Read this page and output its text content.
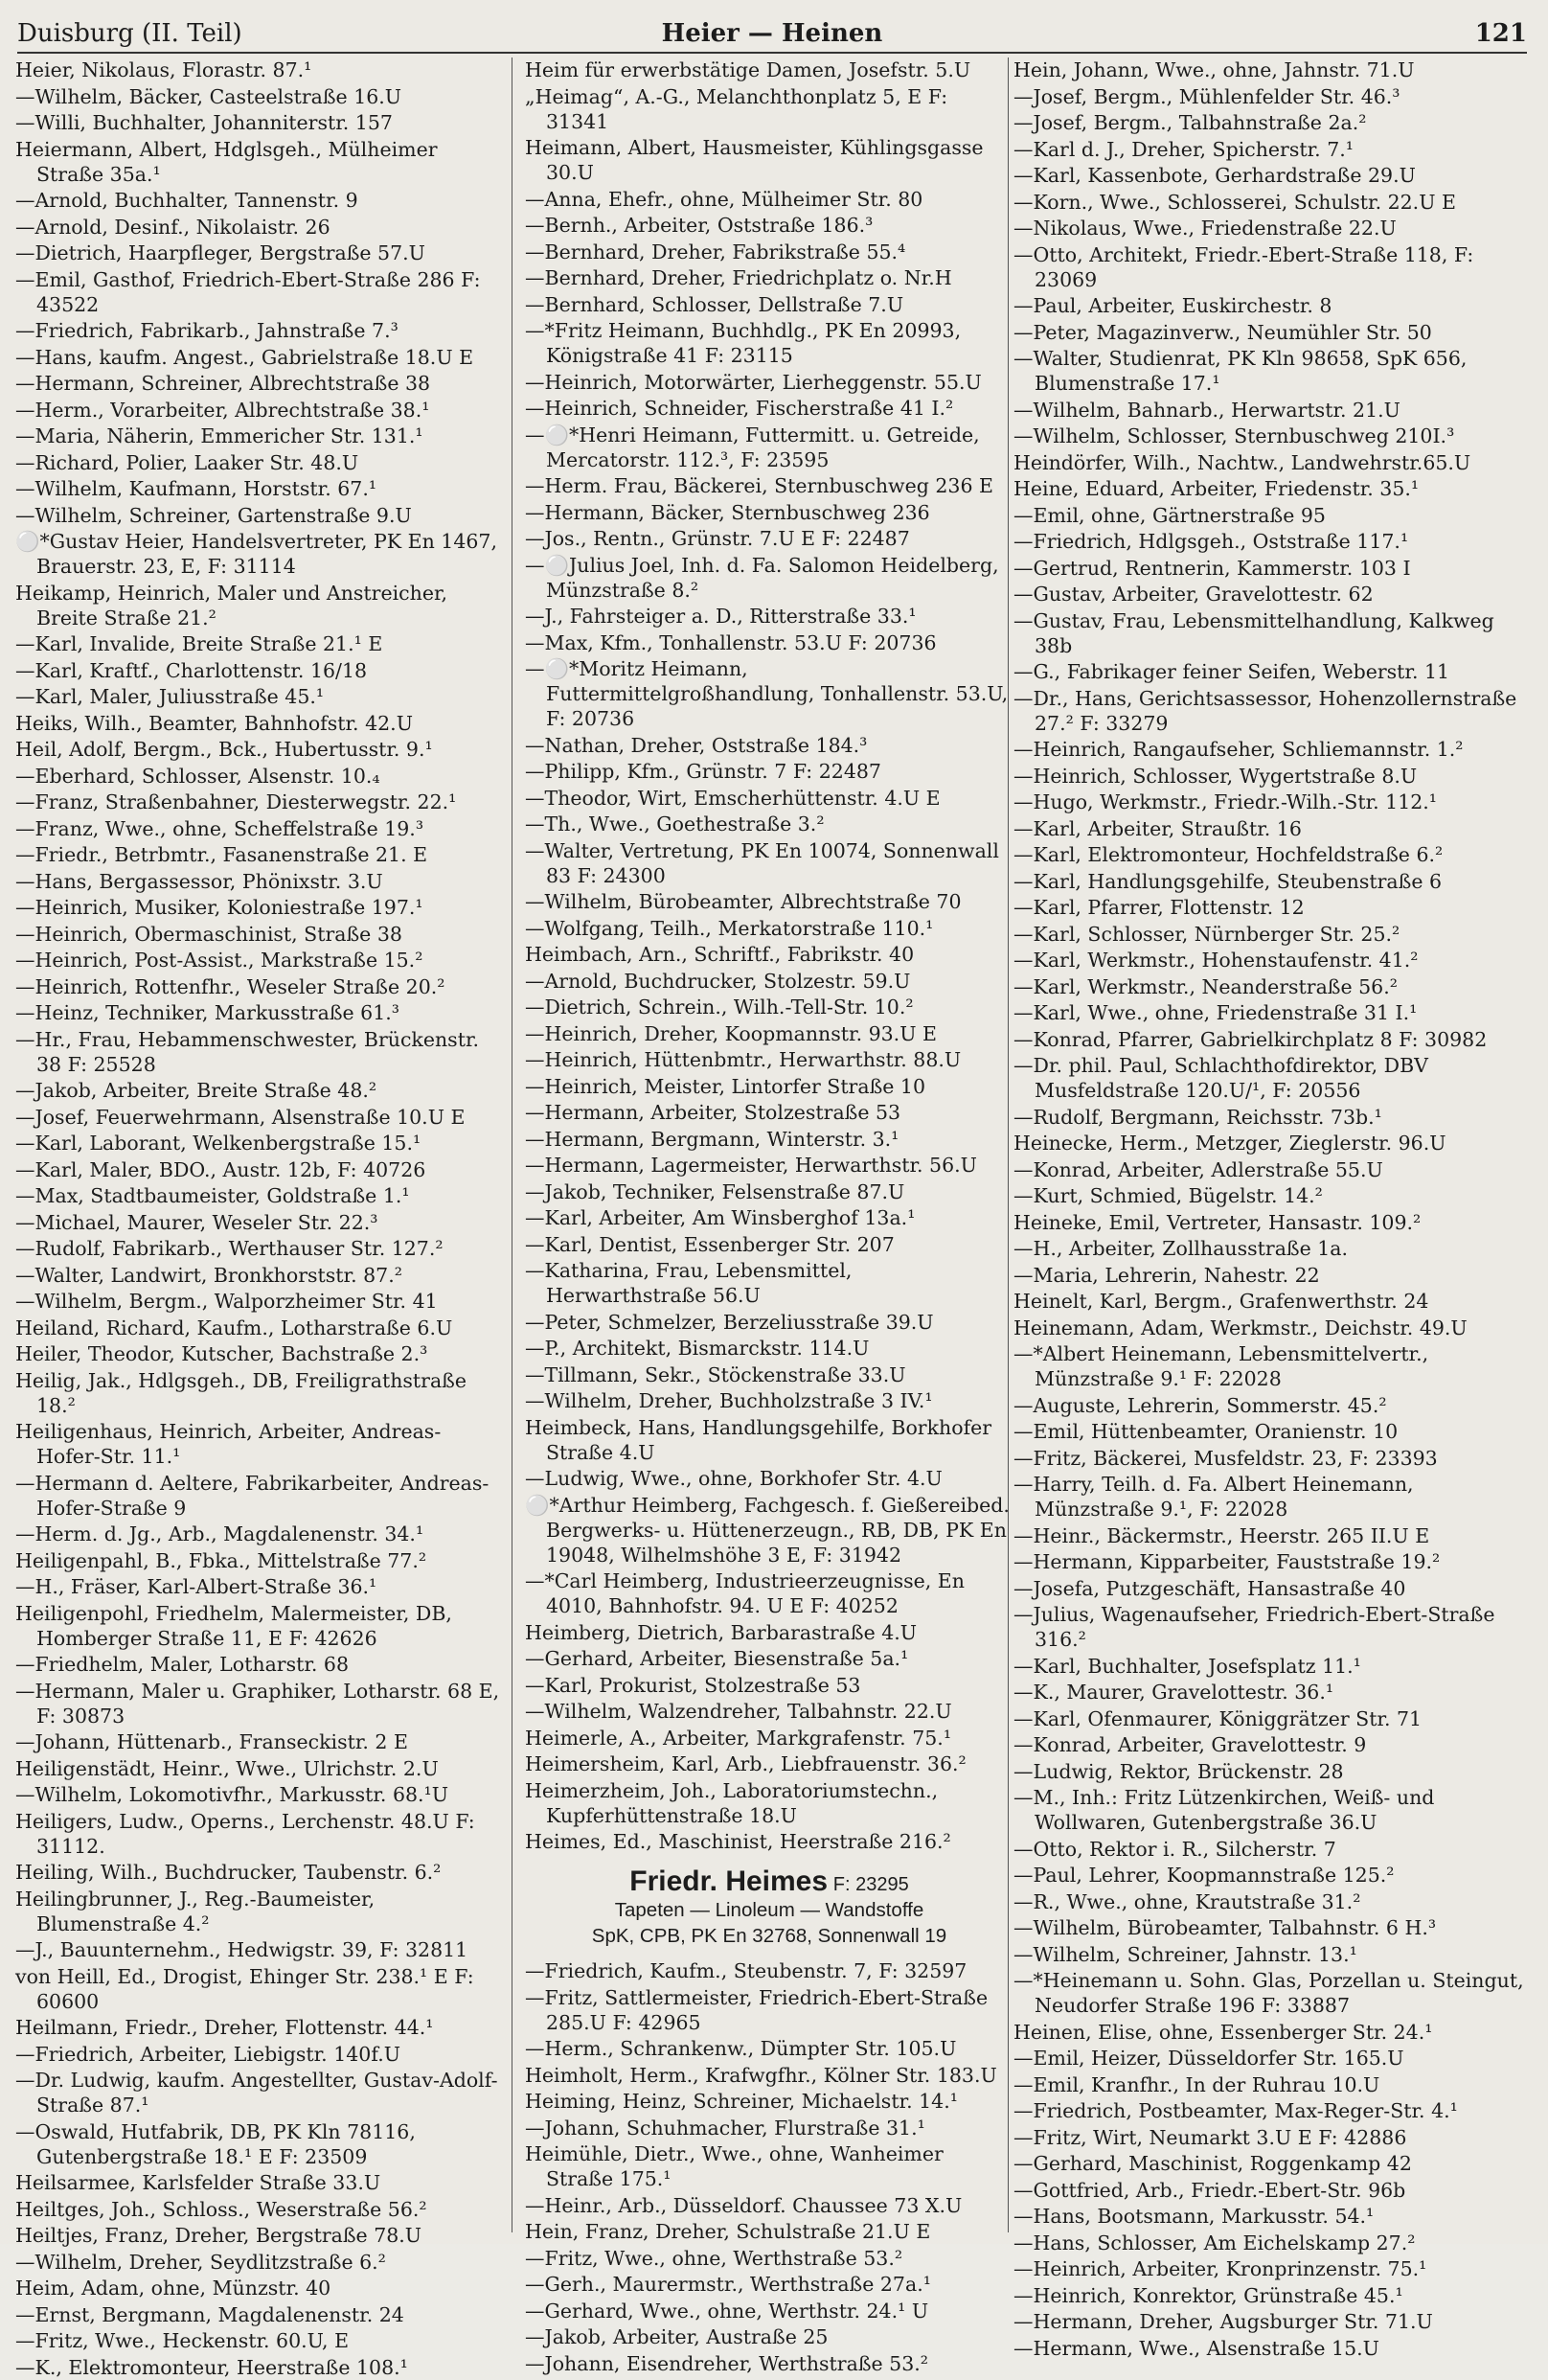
Duisburg (II. Teil)	Heier — Heinen	121
Heier, Nikolaus, Florastr. 87.¹
—Wilhelm, Bäcker, Casteelstraße 16.U
—Willi, Buchhalter, Johanniterstr. 157
Heiermann, Albert, Hdglsgeh., Mülheimer Straße 35a.¹
—Arnold, Buchhalter, Tannenstr. 9
—Arnold, Desinf., Nikolaistr. 26
—Dietrich, Haarpfleger, Bergstraße 57.U
—Emil, Gasthof, Friedrich-Ebert-Straße 286 F: 43522
—Friedrich, Fabrikarb., Jahnstraße 7.³
—Hans, kaufm. Angest., Gabrielstraße 18.U E
—Hermann, Schreiner, Albrechtstraße 38
—Herm., Vorarbeiter, Albrechtstraße 38.¹
—Maria, Näherin, Emmericher Str. 131.¹
—Richard, Polier, Laaker Str. 48.U
—Wilhelm, Kaufmann, Horststr. 67.¹
—Wilhelm, Schreiner, Gartenstraße 9.U
⚪*Gustav Heier, Handelsvertreter, PK En 1467, Brauerstr. 23, E, F: 31114
Heikamp, Heinrich, Maler und Anstreicher, Breite Straße 21.²
—Karl, Invalide, Breite Straße 21.¹ E
—Karl, Kraftf., Charlottenstr. 16/18
—Karl, Maler, Juliusstraße 45.¹
Heiks, Wilh., Beamter, Bahnhofstr. 42.U
Heil, Adolf, Bergm., Bck., Hubertusstr. 9.¹
—Eberhard, Schlosser, Alsenstr. 10.₄
—Franz, Straßenbahner, Diesterwegstr. 22.¹
—Franz, Wwe., ohne, Scheffelstraße 19.³
—Friedr., Betrbmtr., Fasanenstraße 21. E
—Hans, Bergassessor, Phönixstr. 3.U
—Heinrich, Musiker, Koloniestraße 197.¹
—Heinrich, Obermaschinist, Straße 38
—Heinrich, Post-Assist., Markstraße 15.²
—Heinrich, Rottenfhr., Weseler Straße 20.²
—Heinz, Techniker, Markusstraße 61.³
—Hr., Frau, Hebammenschwester, Brückenstr. 38 F: 25528
—Jakob, Arbeiter, Breite Straße 48.²
—Josef, Feuerwehrmann, Alsenstraße 10.U E
—Karl, Laborant, Welkenbergstraße 15.¹
—Karl, Maler, BDO., Austr. 12b, F: 40726
—Max, Stadtbaumeister, Goldstraße 1.¹
—Michael, Maurer, Weseler Str. 22.³
—Rudolf, Fabrikarb., Werthauser Str. 127.²
—Walter, Landwirt, Bronkhorststr. 87.²
—Wilhelm, Bergm., Walporzheimer Str. 41
Heiland, Richard, Kaufm., Lotharstraße 6.U
Heiler, Theodor, Kutscher, Bachstraße 2.³
Heilig, Jak., Hdlgsgeh., DB, Freiligrathstraße 18.²
Heiligenhaus, Heinrich, Arbeiter, Andreas-Hofer-Str. 11.¹
—Hermann d. Aeltere, Fabrikarbeiter, Andreas-Hofer-Straße 9
—Herm. d. Jg., Arb., Magdalenenstr. 34.¹
Heiligenpahl, B., Fbka., Mittelstraße 77.²
—H., Fräser, Karl-Albert-Straße 36.¹
Heiligenpohl, Friedhelm, Malermeister, DB, Homberger Straße 11, E F: 42626
—Friedhelm, Maler, Lotharstr. 68
—Hermann, Maler u. Graphiker, Lotharstr. 68 E, F: 30873
—Johann, Hüttenarb., Franseckistr. 2 E
Heiligenstädt, Heinr., Wwe., Ulrichstr. 2.U
—Wilhelm, Lokomotivfhr., Markusstr. 68.¹U
Heiligers, Ludw., Operns., Lerchenstr. 48.U F: 31112.
Heiling, Wilh., Buchdrucker, Taubenstr. 6.²
Heilingbrunner, J., Reg.-Baumeister, Blumenstraße 4.²
—J., Bauunternehm., Hedwigstr. 39, F: 32811
von Heill, Ed., Drogist, Ehinger Str. 238.¹ E F: 60600
Heilmann, Friedr., Dreher, Flottenstr. 44.¹
—Friedrich, Arbeiter, Liebigstr. 140f.U
—Dr. Ludwig, kaufm. Angestellter, Gustav-Adolf-Straße 87.¹
—Oswald, Hutfabrik, DB, PK Kln 78116, Gutenbergstraße 18.¹ E F: 23509
Heilsarmee, Karlsfelder Straße 33.U
Heiltges, Joh., Schloss., Weserstraße 56.²
Heiltjes, Franz, Dreher, Bergstraße 78.U
—Wilhelm, Dreher, Seydlitzstraße 6.²
Heim, Adam, ohne, Münzstr. 40
—Ernst, Bergmann, Magdalenenstr. 24
—Fritz, Wwe., Heckenstr. 60.U, E
—K., Elektromonteur, Heerstraße 108.¹
Heim für erwerbstätige Damen, Josefstr. 5.U
„Heimag“, A.-G., Melanchthonplatz 5, E F: 31341
Heimann, Albert, Hausmeister, Kühlingsgasse 30.U
—Anna, Ehefr., ohne, Mülheimer Str. 80
—Bernh., Arbeiter, Oststraße 186.³
—Bernhard, Dreher, Fabrikstraße 55.⁴
—Bernhard, Dreher, Friedrichplatz o. Nr.H
—Bernhard, Schlosser, Dellstraße 7.U
—*Fritz Heimann, Buchhdlg., PK En 20993, Königstraße 41 F: 23115
—Heinrich, Motorwärter, Lierheggenstr. 55.U
—Heinrich, Schneider, Fischerstraße 41 I.²
—⚪*Henri Heimann, Futtermitt. u. Getreide, Mercatorstr. 112.³, F: 23595
—Herm. Frau, Bäckerei, Sternbuschweg 236 E
—Hermann, Bäcker, Sternbuschweg 236
—Jos., Rentn., Grünstr. 7.U E F: 22487
—⚪Julius Joel, Inh. d. Fa. Salomon Heidelberg, Münzstraße 8.²
—J., Fahrsteiger a. D., Ritterstraße 33.¹
—Max, Kfm., Tonhallenstr. 53.U F: 20736
—⚪*Moritz Heimann, Futtermittelgroßhandlung, Tonhallenstr. 53.U, F: 20736
—Nathan, Dreher, Oststraße 184.³
—Philipp, Kfm., Grünstr. 7 F: 22487
—Theodor, Wirt, Emscherhüttenstr. 4.U E
—Th., Wwe., Goethestraße 3.²
—Walter, Vertretung, PK En 10074, Sonnenwall 83 F: 24300
—Wilhelm, Bürobeamter, Albrechtstraße 70
—Wolfgang, Teilh., Merkatorstraße 110.¹
Heimbach, Arn., Schriftf., Fabrikstr. 40
—Arnold, Buchdrucker, Stolzestr. 59.U
—Dietrich, Schrein., Wilh.-Tell-Str. 10.²
—Heinrich, Dreher, Koopmannstr. 93.U E
—Heinrich, Hüttenbmtr., Herwarthstr. 88.U
—Heinrich, Meister, Lintorfer Straße 10
—Hermann, Arbeiter, Stolzestraße 53
—Hermann, Bergmann, Winterstr. 3.¹
—Hermann, Lagermeister, Herwarthstr. 56.U
—Jakob, Techniker, Felsenstraße 87.U
—Karl, Arbeiter, Am Winsberghof 13a.¹
—Karl, Dentist, Essenberger Str. 207
—Katharina, Frau, Lebensmittel, Herwarthstraße 56.U
—Peter, Schmelzer, Berzeliusstraße 39.U
—P., Architekt, Bismarckstr. 114.U
—Tillmann, Sekr., Stöckenstraße 33.U
—Wilhelm, Dreher, Buchholzstraße 3 IV.¹
Heimbeck, Hans, Handlungsgehilfe, Borkhofer Straße 4.U
—Ludwig, Wwe., ohne, Borkhofer Str. 4.U
⚪*Arthur Heimberg, Fachgesch. f. Gießereibed. Bergwerks- u. Hüttenerzeugn., RB, DB, PK En 19048, Wilhelmshöhe 3 E, F: 31942
—*Carl Heimberg, Industrieerzeugnisse, En 4010, Bahnhofstr. 94. U E F: 40252
Heimberg, Dietrich, Barbarastraße 4.U
—Gerhard, Arbeiter, Biesenstraße 5a.¹
—Karl, Prokurist, Stolzestraße 53
—Wilhelm, Walzendreher, Talbahnstr. 22.U
Heimerle, A., Arbeiter, Markgrafenstr. 75.¹
Heimersheim, Karl, Arb., Liebfrauenstr. 36.²
Heimerzheim, Joh., Laboratoriumstechn., Kupferhüttenstraße 18.U
Heimes, Ed., Maschinist, Heerstraße 216.²
Friedr. Heimes F: 23295
Tapeten — Linoleum — Wandstoffe
SpK, CPB, PK En 32768, Sonnenwall 19
—Friedrich, Kaufm., Steubenstr. 7, F: 32597
—Fritz, Sattlermeister, Friedrich-Ebert-Straße 285.U F: 42965
—Herm., Schrankenw., Dümpter Str. 105.U
Heimholt, Herm., Krafwgfhr., Kölner Str. 183.U
Heiming, Heinz, Schreiner, Michaelstr. 14.¹
—Johann, Schuhmacher, Flurstraße 31.¹
Heimühle, Dietr., Wwe., ohne, Wanheimer Straße 175.¹
—Heinr., Arb., Düsseldorf. Chaussee 73 X.U
Hein, Franz, Dreher, Schulstraße 21.U E
—Fritz, Wwe., ohne, Werthstraße 53.²
—Gerh., Maurermstr., Werthstraße 27a.¹
—Gerhard, Wwe., ohne, Werthstr. 24.¹ U
—Jakob, Arbeiter, Austraße 25
—Johann, Eisendreher, Werthstraße 53.²
Hein, Johann, Wwe., ohne, Jahnstr. 71.U
—Josef, Bergm., Mühlenfelder Str. 46.³
—Josef, Bergm., Talbahnstraße 2a.²
—Karl d. J., Dreher, Spicherstr. 7.¹
—Karl, Kassenbote, Gerhardstraße 29.U
—Korn., Wwe., Schlosserei, Schulstr. 22.U E
—Nikolaus, Wwe., Friedenstraße 22.U
—Otto, Architekt, Friedr.-Ebert-Straße 118, F: 23069
—Paul, Arbeiter, Euskirchestr. 8
—Peter, Magazinverw., Neumühler Str. 50
—Walter, Studienrat, PK Kln 98658, SpK 656, Blumenstraße 17.¹
—Wilhelm, Bahnarb., Herwartstr. 21.U
—Wilhelm, Schlosser, Sternbuschweg 210I.³
Heindörfer, Wilh., Nachtw., Landwehrstr.65.U
Heine, Eduard, Arbeiter, Friedenstr. 35.¹
—Emil, ohne, Gärtnerstraße 95
—Friedrich, Hdlgsgeh., Oststraße 117.¹
—Gertrud, Rentnerin, Kammerstr. 103 I
—Gustav, Arbeiter, Gravelottestr. 62
—Gustav, Frau, Lebensmittelhandlung, Kalkweg 38b
—G., Fabrikager feiner Seifen, Weberstr. 11
—Dr., Hans, Gerichtsassessor, Hohenzollernstraße 27.² F: 33279
—Heinrich, Rangaufseher, Schliemannstr. 1.²
—Heinrich, Schlosser, Wygertstraße 8.U
—Hugo, Werkmstr., Friedr.-Wilh.-Str. 112.¹
—Karl, Arbeiter, Straußtr. 16
—Karl, Elektromonteur, Hochfeldstraße 6.²
—Karl, Handlungsgehilfe, Steubenstraße 6
—Karl, Pfarrer, Flottenstr. 12
—Karl, Schlosser, Nürnberger Str. 25.²
—Karl, Werkmstr., Hohenstaufenstr. 41.²
—Karl, Werkmstr., Neanderstraße 56.²
—Karl, Wwe., ohne, Friedenstraße 31 I.¹
—Konrad, Pfarrer, Gabrielkirchplatz 8 F: 30982
—Dr. phil. Paul, Schlachthofdirektor, DBV Musfeldstraße 120.U/¹, F: 20556
—Rudolf, Bergmann, Reichsstr. 73b.¹
Heinecke, Herm., Metzger, Zieglerstr. 96.U
—Konrad, Arbeiter, Adlerstraße 55.U
—Kurt, Schmied, Bügelstr. 14.²
Heineke, Emil, Vertreter, Hansastr. 109.²
—H., Arbeiter, Zollhausstraße 1a.
—Maria, Lehrerin, Nahestr. 22
Heinelt, Karl, Bergm., Grafenwerthstr. 24
Heinemann, Adam, Werkmstr., Deichstr. 49.U
—*Albert Heinemann, Lebensmittelvertr., Münzstraße 9.¹ F: 22028
—Auguste, Lehrerin, Sommerstr. 45.²
—Emil, Hüttenbeamter, Oranienstr. 10
—Fritz, Bäckerei, Musfeldstr. 23, F: 23393
—Harry, Teilh. d. Fa. Albert Heinemann, Münzstraße 9.¹, F: 22028
—Heinr., Bäckermstr., Heerstr. 265 II.U E
—Hermann, Kipparbeiter, Fauststraße 19.²
—Josefa, Putzgeschäft, Hansastraße 40
—Julius, Wagenaufseher, Friedrich-Ebert-Straße 316.²
—Karl, Buchhalter, Josefsplatz 11.¹
—K., Maurer, Gravelottestr. 36.¹
—Karl, Ofenmaurer, Königgrätzer Str. 71
—Konrad, Arbeiter, Gravelottestr. 9
—Ludwig, Rektor, Brückenstr. 28
—M., Inh.: Fritz Lützenkirchen, Weiß- und Wollwaren, Gutenbergstraße 36.U
—Otto, Rektor i. R., Silcherstr. 7
—Paul, Lehrer, Koopmannstraße 125.²
—R., Wwe., ohne, Krautstraße 31.²
—Wilhelm, Bürobeamter, Talbahnstr. 6 H.³
—Wilhelm, Schreiner, Jahnstr. 13.¹
—*Heinemann u. Sohn. Glas, Porzellan u. Steingut, Neudorfer Straße 196 F: 33887
Heinen, Elise, ohne, Essenberger Str. 24.¹
—Emil, Heizer, Düsseldorfer Str. 165.U
—Emil, Kranfhr., In der Ruhrau 10.U
—Friedrich, Postbeamter, Max-Reger-Str. 4.¹
—Fritz, Wirt, Neumarkt 3.U E F: 42886
—Gerhard, Maschinist, Roggenkamp 42
—Gottfried, Arb., Friedr.-Ebert-Str. 96b
—Hans, Bootsmann, Markusstr. 54.¹
—Hans, Schlosser, Am Eichelskamp 27.²
—Heinrich, Arbeiter, Kronprinzenstr. 75.¹
—Heinrich, Konrektor, Grünstraße 45.¹
—Hermann, Dreher, Augsburger Str. 71.U
—Hermann, Wwe., Alsenstraße 15.U
